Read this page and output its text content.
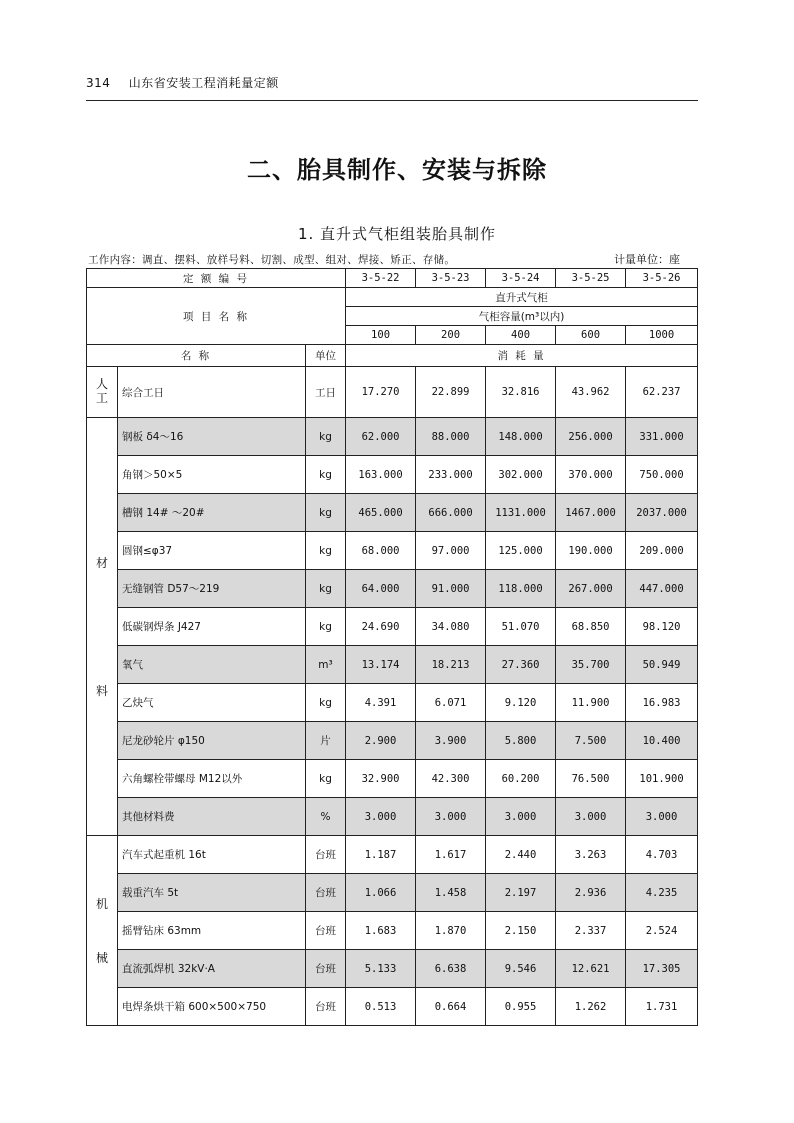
314 山东省安装工程消耗量定额
二、胎具制作、安装与拆除
1. 直升式气柜组装胎具制作
工作内容：调直、摆料、放样号料、切割、成型、组对、焊接、矫正、存储。	计量单位：座
定 额 编 号			3-5-22	3-5-23	3-5-24	3-5-25	3-5-26
项 目 名 称			直升式气柜				
			气柜容量(m³以内)				
			100	200	400	600	1000
名 称		单位	消 耗 量				
人工	综合工日	工日	17.270	22.899	32.816	43.962	62.237

材
料	钢板 δ4～16	kg	62.000	88.000	148.000	256.000	331.000
	角钢＞50×5	kg	163.000	233.000	302.000	370.000	750.000
	槽钢 14# ～20#	kg	465.000	666.000	1131.000	1467.000	2037.000
	圆钢≤φ37	kg	68.000	97.000	125.000	190.000	209.000
	无缝钢管 D57～219	kg	64.000	91.000	118.000	267.000	447.000
	低碳钢焊条 J427	kg	24.690	34.080	51.070	68.850	98.120
	氧气	m³	13.174	18.213	27.360	35.700	50.949
	乙炔气	kg	4.391	6.071	9.120	11.900	16.983
	尼龙砂轮片 φ150	片	2.900	3.900	5.800	7.500	10.400
	六角螺栓带螺母 M12以外	kg	32.900	42.300	60.200	76.500	101.900
	其他材料费	%	3.000	3.000	3.000	3.000	3.000

机
械	汽车式起重机 16t	台班	1.187	1.617	2.440	3.263	4.703
	载重汽车 5t	台班	1.066	1.458	2.197	2.936	4.235
	摇臂钻床 63mm	台班	1.683	1.870	2.150	2.337	2.524
	直流弧焊机 32kV·A	台班	5.133	6.638	9.546	12.621	17.305
	电焊条烘干箱 600×500×750	台班	0.513	0.664	0.955	1.262	1.731
